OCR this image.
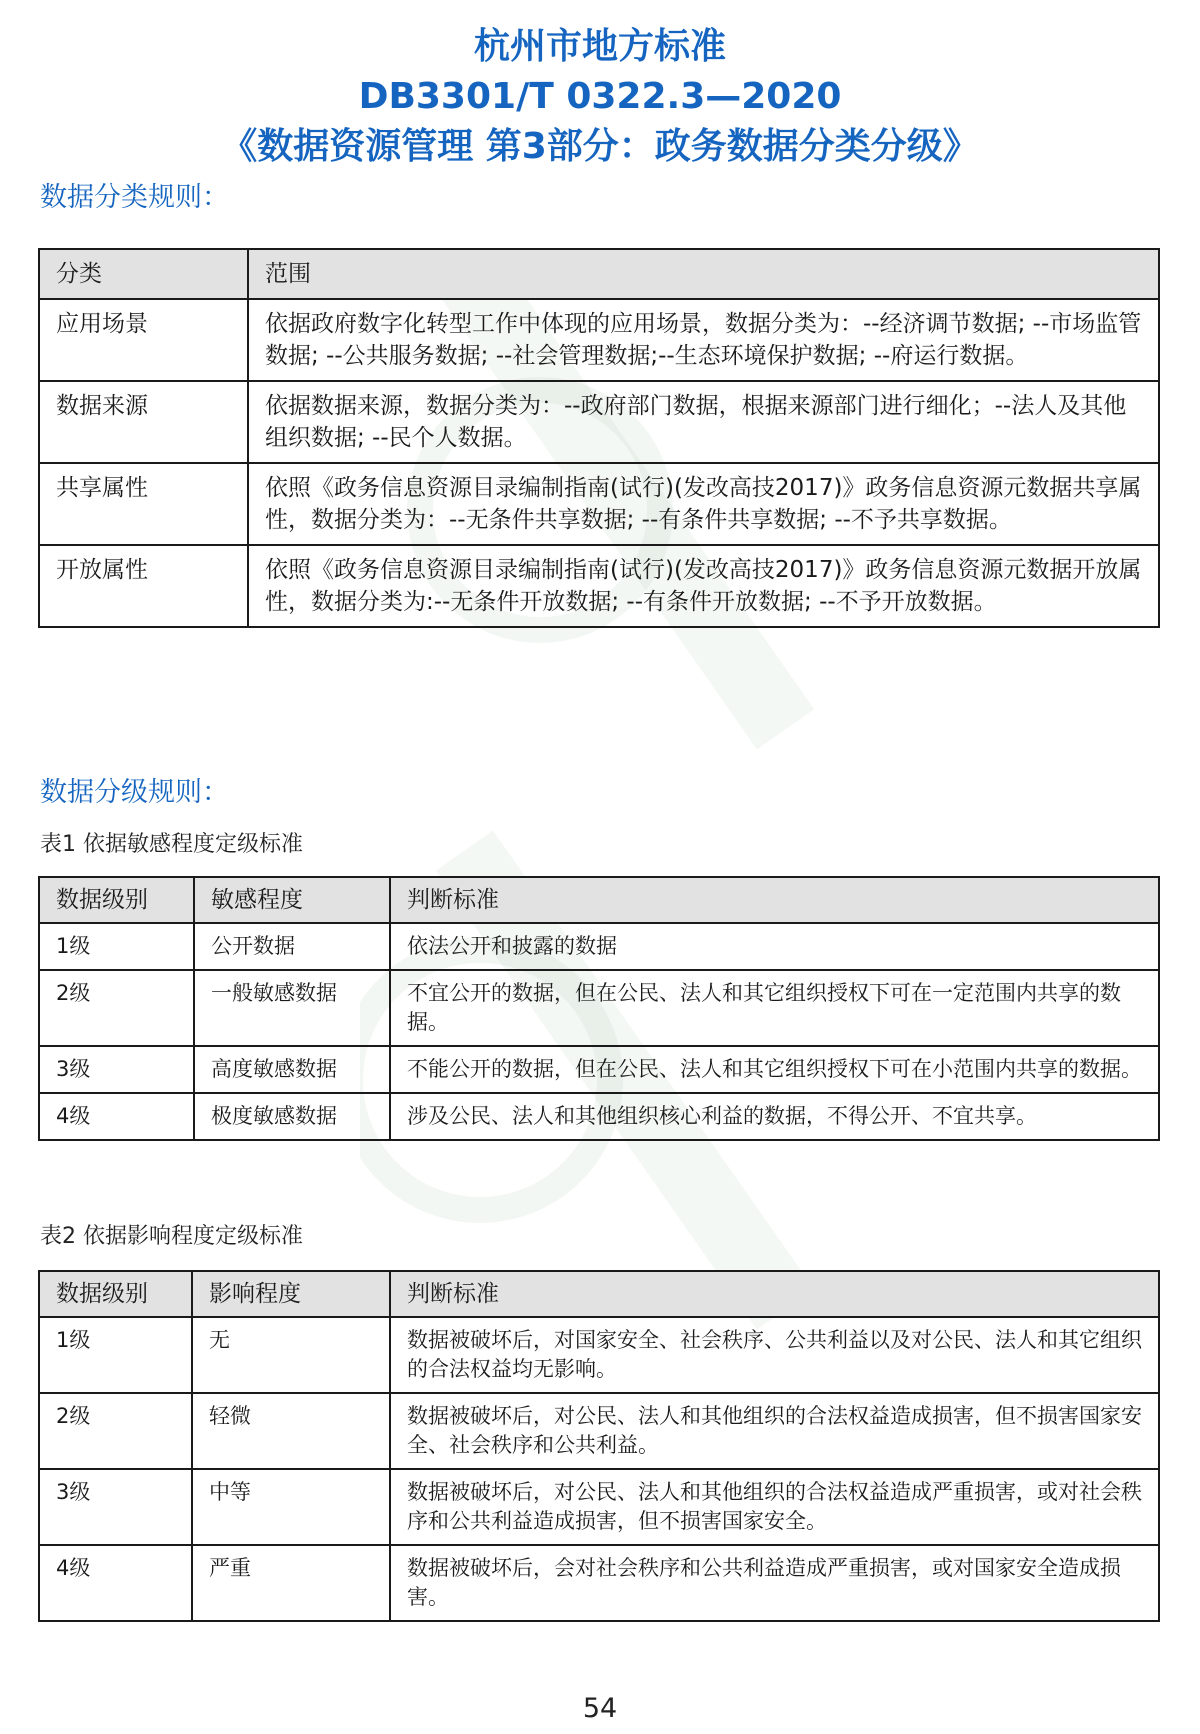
杭州市地方标准
DB3301/T 0322.3—2020
《数据资源管理 第3部分：政务数据分类分级》
数据分类规则：
分类	范围
应用场景	依据政府数字化转型工作中体现的应用场景，数据分类为：--经济调节数据; --市场监管数据; --公共服务数据; --社会管理数据;--生态环境保护数据; --府运行数据。
数据来源	依据数据来源，数据分类为：--政府部门数据，根据来源部门进行细化；--法人及其他组织数据; --民个人数据。
共享属性	依照《政务信息资源目录编制指南(试行)(发改高技2017)》政务信息资源元数据共享属性，数据分类为：--无条件共享数据; --有条件共享数据; --不予共享数据。
开放属性	依照《政务信息资源目录编制指南(试行)(发改高技2017)》政务信息资源元数据开放属性，数据分类为:--无条件开放数据; --有条件开放数据; --不予开放数据。
数据分级规则：
表1 依据敏感程度定级标准
数据级别	敏感程度	判断标准
1级	公开数据	依法公开和披露的数据
2级	一般敏感数据	不宜公开的数据，但在公民、法人和其它组织授权下可在一定范围内共享的数据。
3级	高度敏感数据	不能公开的数据，但在公民、法人和其它组织授权下可在小范围内共享的数据。
4级	极度敏感数据	涉及公民、法人和其他组织核心利益的数据，不得公开、不宜共享。
表2 依据影响程度定级标准
数据级别	影响程度	判断标准
1级	无	数据被破坏后，对国家安全、社会秩序、公共利益以及对公民、法人和其它组织的合法权益均无影响。
2级	轻微	数据被破坏后，对公民、法人和其他组织的合法权益造成损害，但不损害国家安全、社会秩序和公共利益。
3级	中等	数据被破坏后，对公民、法人和其他组织的合法权益造成严重损害，或对社会秩序和公共利益造成损害，但不损害国家安全。
4级	严重	数据被破坏后，会对社会秩序和公共利益造成严重损害，或对国家安全造成损害。
54
